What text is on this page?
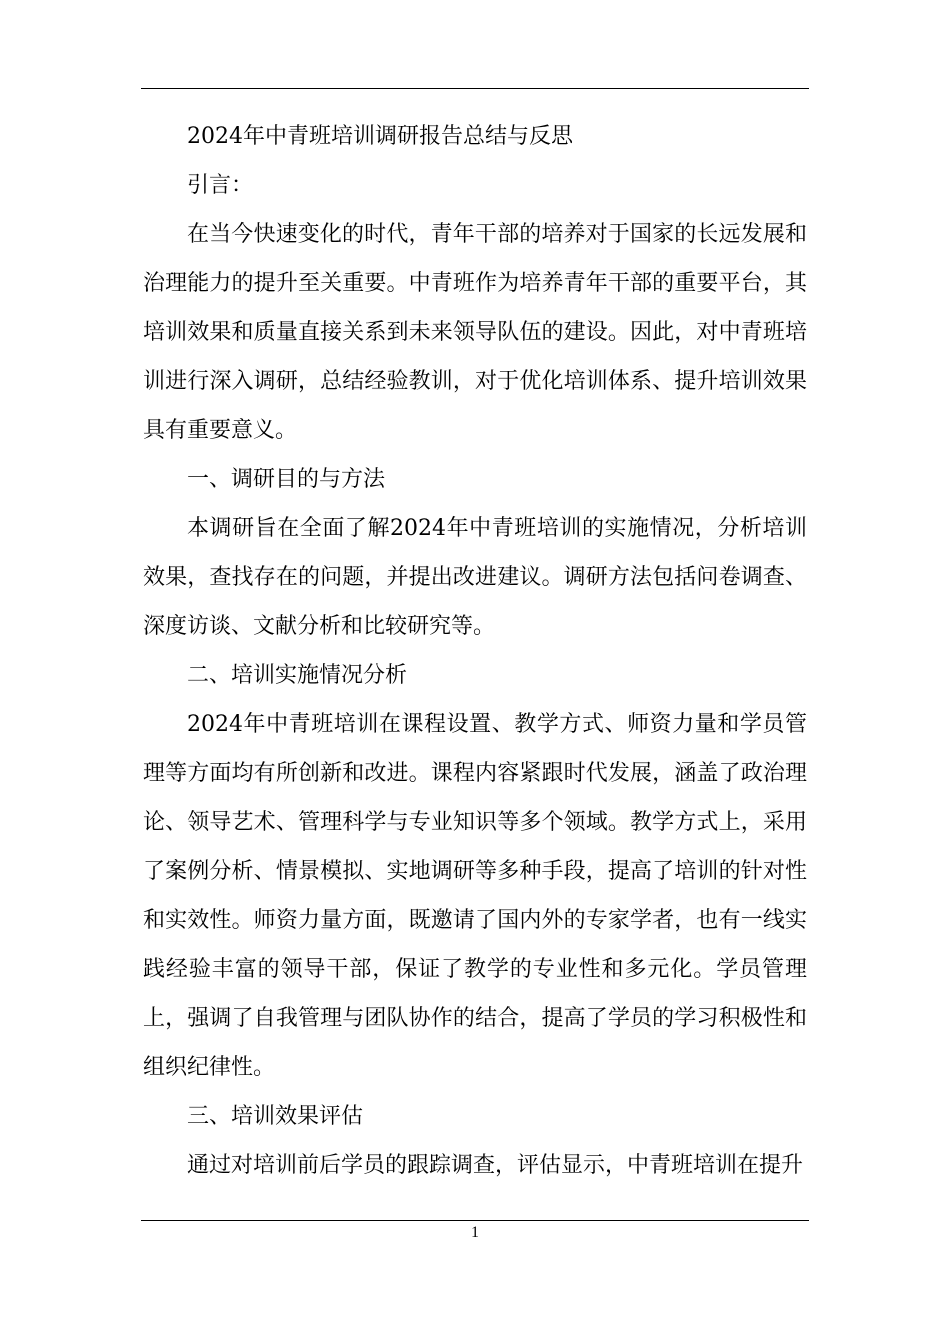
2024年中青班培训调研报告总结与反思

引言：

在当今快速变化的时代，青年干部的培养对于国家的长远发展和治理能力的提升至关重要。中青班作为培养青年干部的重要平台，其培训效果和质量直接关系到未来领导队伍的建设。因此，对中青班培训进行深入调研，总结经验教训，对于优化培训体系、提升培训效果具有重要意义。

一、调研目的与方法

本调研旨在全面了解2024年中青班培训的实施情况，分析培训效果，查找存在的问题，并提出改进建议。调研方法包括问卷调查、深度访谈、文献分析和比较研究等。

二、培训实施情况分析

2024年中青班培训在课程设置、教学方式、师资力量和学员管理等方面均有所创新和改进。课程内容紧跟时代发展，涵盖了政治理论、领导艺术、管理科学与专业知识等多个领域。教学方式上，采用了案例分析、情景模拟、实地调研等多种手段，提高了培训的针对性和实效性。师资力量方面，既邀请了国内外的专家学者，也有一线实践经验丰富的领导干部，保证了教学的专业性和多元化。学员管理上，强调了自我管理与团队协作的结合，提高了学员的学习积极性和组织纪律性。

三、培训效果评估

通过对培训前后学员的跟踪调查，评估显示，中青班培训在提升

1
